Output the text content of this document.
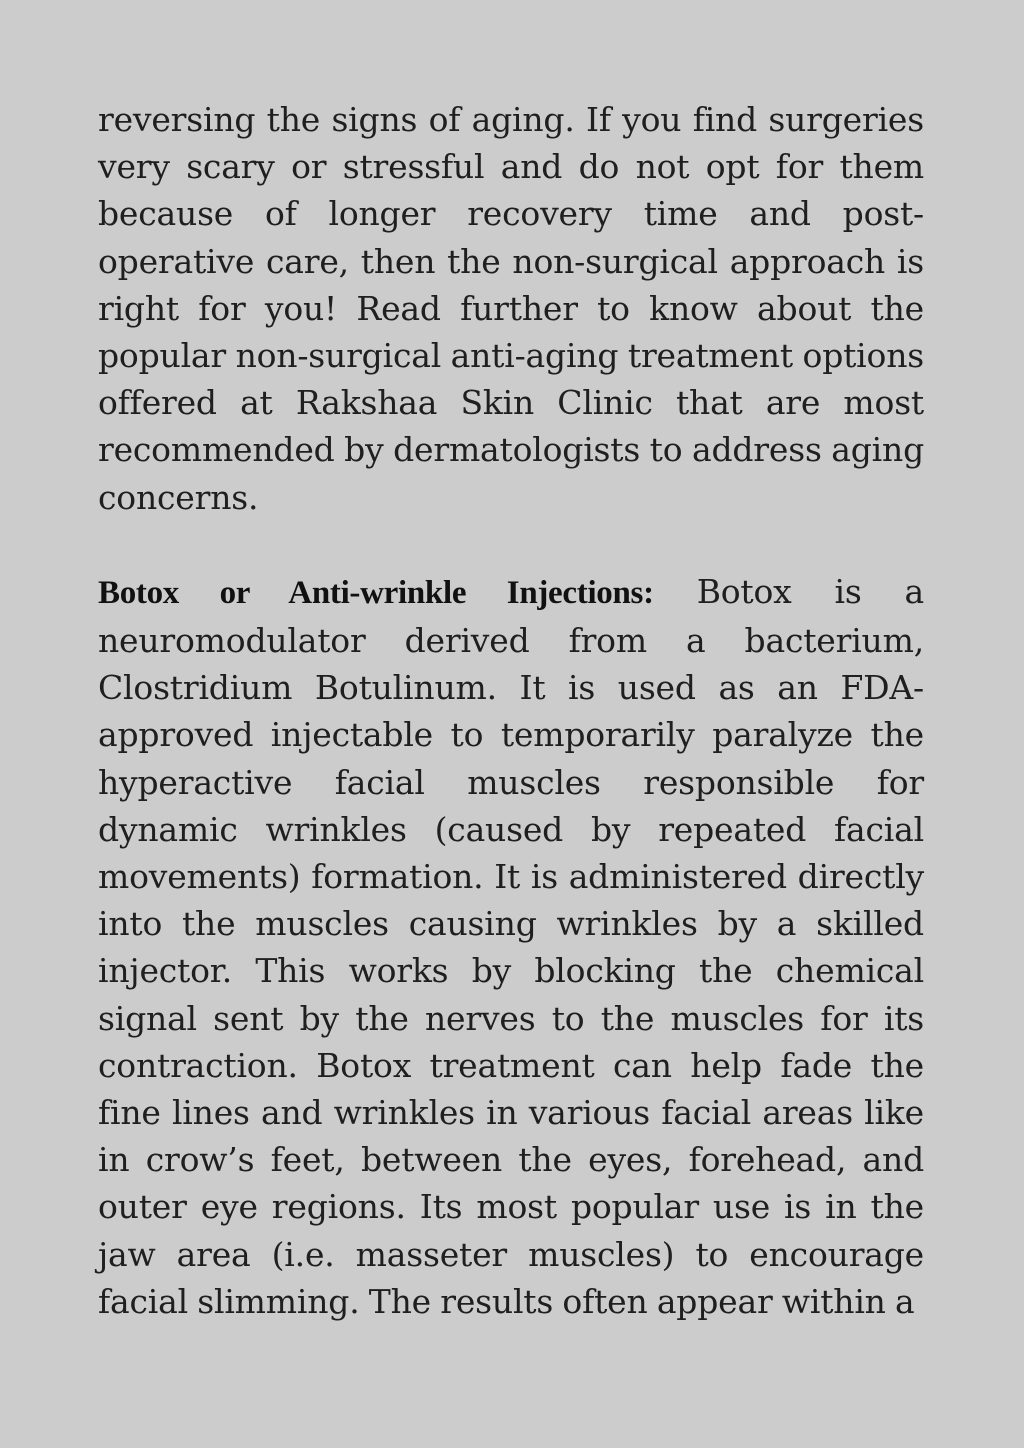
reversing the signs of aging. If you find surgeries very scary or stressful and do not opt for them because of longer recovery time and post-operative care, then the non-surgical approach is right for you! Read further to know about the popular non-surgical anti-aging treatment options offered at Rakshaa Skin Clinic that are most recommended by dermatologists to address aging concerns.

Botox or Anti-wrinkle Injections: Botox is a neuromodulator derived from a bacterium, Clostridium Botulinum. It is used as an FDA-approved injectable to temporarily paralyze the hyperactive facial muscles responsible for dynamic wrinkles (caused by repeated facial movements) formation. It is administered directly into the muscles causing wrinkles by a skilled injector. This works by blocking the chemical signal sent by the nerves to the muscles for its contraction. Botox treatment can help fade the fine lines and wrinkles in various facial areas like in crow’s feet, between the eyes, forehead, and outer eye regions. Its most popular use is in the jaw area (i.e. masseter muscles) to encourage facial slimming. The results often appear within a
